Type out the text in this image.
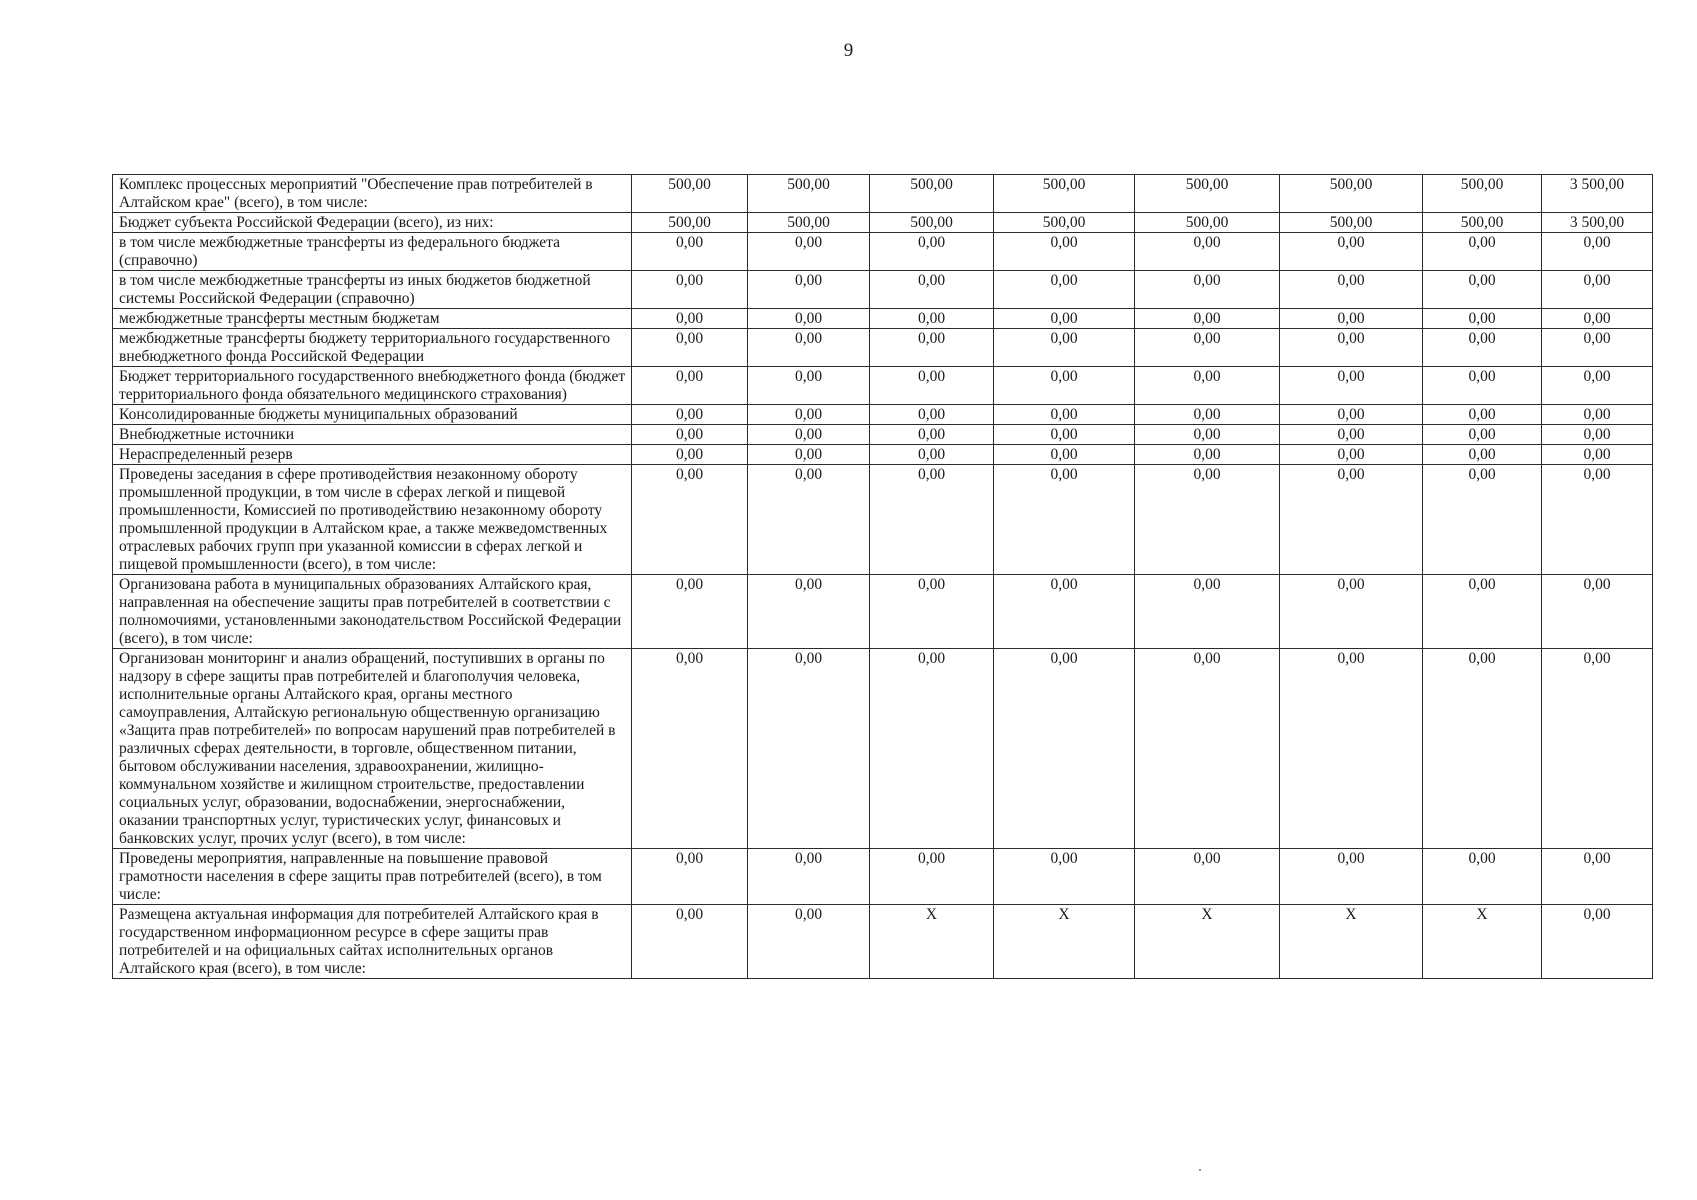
9
Комплекс процессных мероприятий "Обеспечение прав потребителей в Алтайском крае" (всего), в том числе:	500,00	500,00	500,00	500,00	500,00	500,00	500,00	3 500,00
Бюджет субъекта Российской Федерации (всего), из них:	500,00	500,00	500,00	500,00	500,00	500,00	500,00	3 500,00
в том числе межбюджетные трансферты из федерального бюджета (справочно)	0,00	0,00	0,00	0,00	0,00	0,00	0,00	0,00
в том числе межбюджетные трансферты из иных бюджетов бюджетной системы Российской Федерации (справочно)	0,00	0,00	0,00	0,00	0,00	0,00	0,00	0,00
межбюджетные трансферты местным бюджетам	0,00	0,00	0,00	0,00	0,00	0,00	0,00	0,00
межбюджетные трансферты бюджету территориального государственного внебюджетного фонда Российской Федерации	0,00	0,00	0,00	0,00	0,00	0,00	0,00	0,00
Бюджет территориального государственного внебюджетного фонда (бюджет территориального фонда обязательного медицинского страхования)	0,00	0,00	0,00	0,00	0,00	0,00	0,00	0,00
Консолидированные бюджеты муниципальных образований	0,00	0,00	0,00	0,00	0,00	0,00	0,00	0,00
Внебюджетные источники	0,00	0,00	0,00	0,00	0,00	0,00	0,00	0,00
Нераспределенный резерв	0,00	0,00	0,00	0,00	0,00	0,00	0,00	0,00
Проведены заседания в сфере противодействия незаконному обороту промышленной продукции, в том числе в сферах легкой и пищевой промышленности, Комиссией по противодействию незаконному обороту промышленной продукции в Алтайском крае, а также межведомственных отраслевых рабочих групп при указанной комиссии в сферах легкой и пищевой промышленности (всего), в том числе:	0,00	0,00	0,00	0,00	0,00	0,00	0,00	0,00
Организована работа в муниципальных образованиях Алтайского края, направленная на обеспечение защиты прав потребителей в соответствии с полномочиями, установленными законодательством Российской Федерации (всего), в том числе:	0,00	0,00	0,00	0,00	0,00	0,00	0,00	0,00
Организован мониторинг и анализ обращений, поступивших в органы по надзору в сфере защиты прав потребителей и благополучия человека, исполнительные органы Алтайского края, органы местного самоуправления, Алтайскую региональную общественную организацию «Защита прав потребителей» по вопросам нарушений прав потребителей в различных сферах деятельности, в торговле, общественном питании, бытовом обслуживании населения, здравоохранении, жилищно-коммунальном хозяйстве и жилищном строительстве, предоставлении социальных услуг, образовании, водоснабжении, энергоснабжении, оказании транспортных услуг, туристических услуг, финансовых и банковских услуг, прочих услуг (всего), в том числе:	0,00	0,00	0,00	0,00	0,00	0,00	0,00	0,00
Проведены мероприятия, направленные на повышение правовой грамотности населения в сфере защиты прав потребителей (всего), в том числе:	0,00	0,00	0,00	0,00	0,00	0,00	0,00	0,00
Размещена актуальная информация для потребителей Алтайского края в государственном информационном ресурсе в сфере защиты прав потребителей и на официальных сайтах исполнительных органов Алтайского края (всего), в том числе:	0,00	0,00	X	X	X	X	X	0,00
